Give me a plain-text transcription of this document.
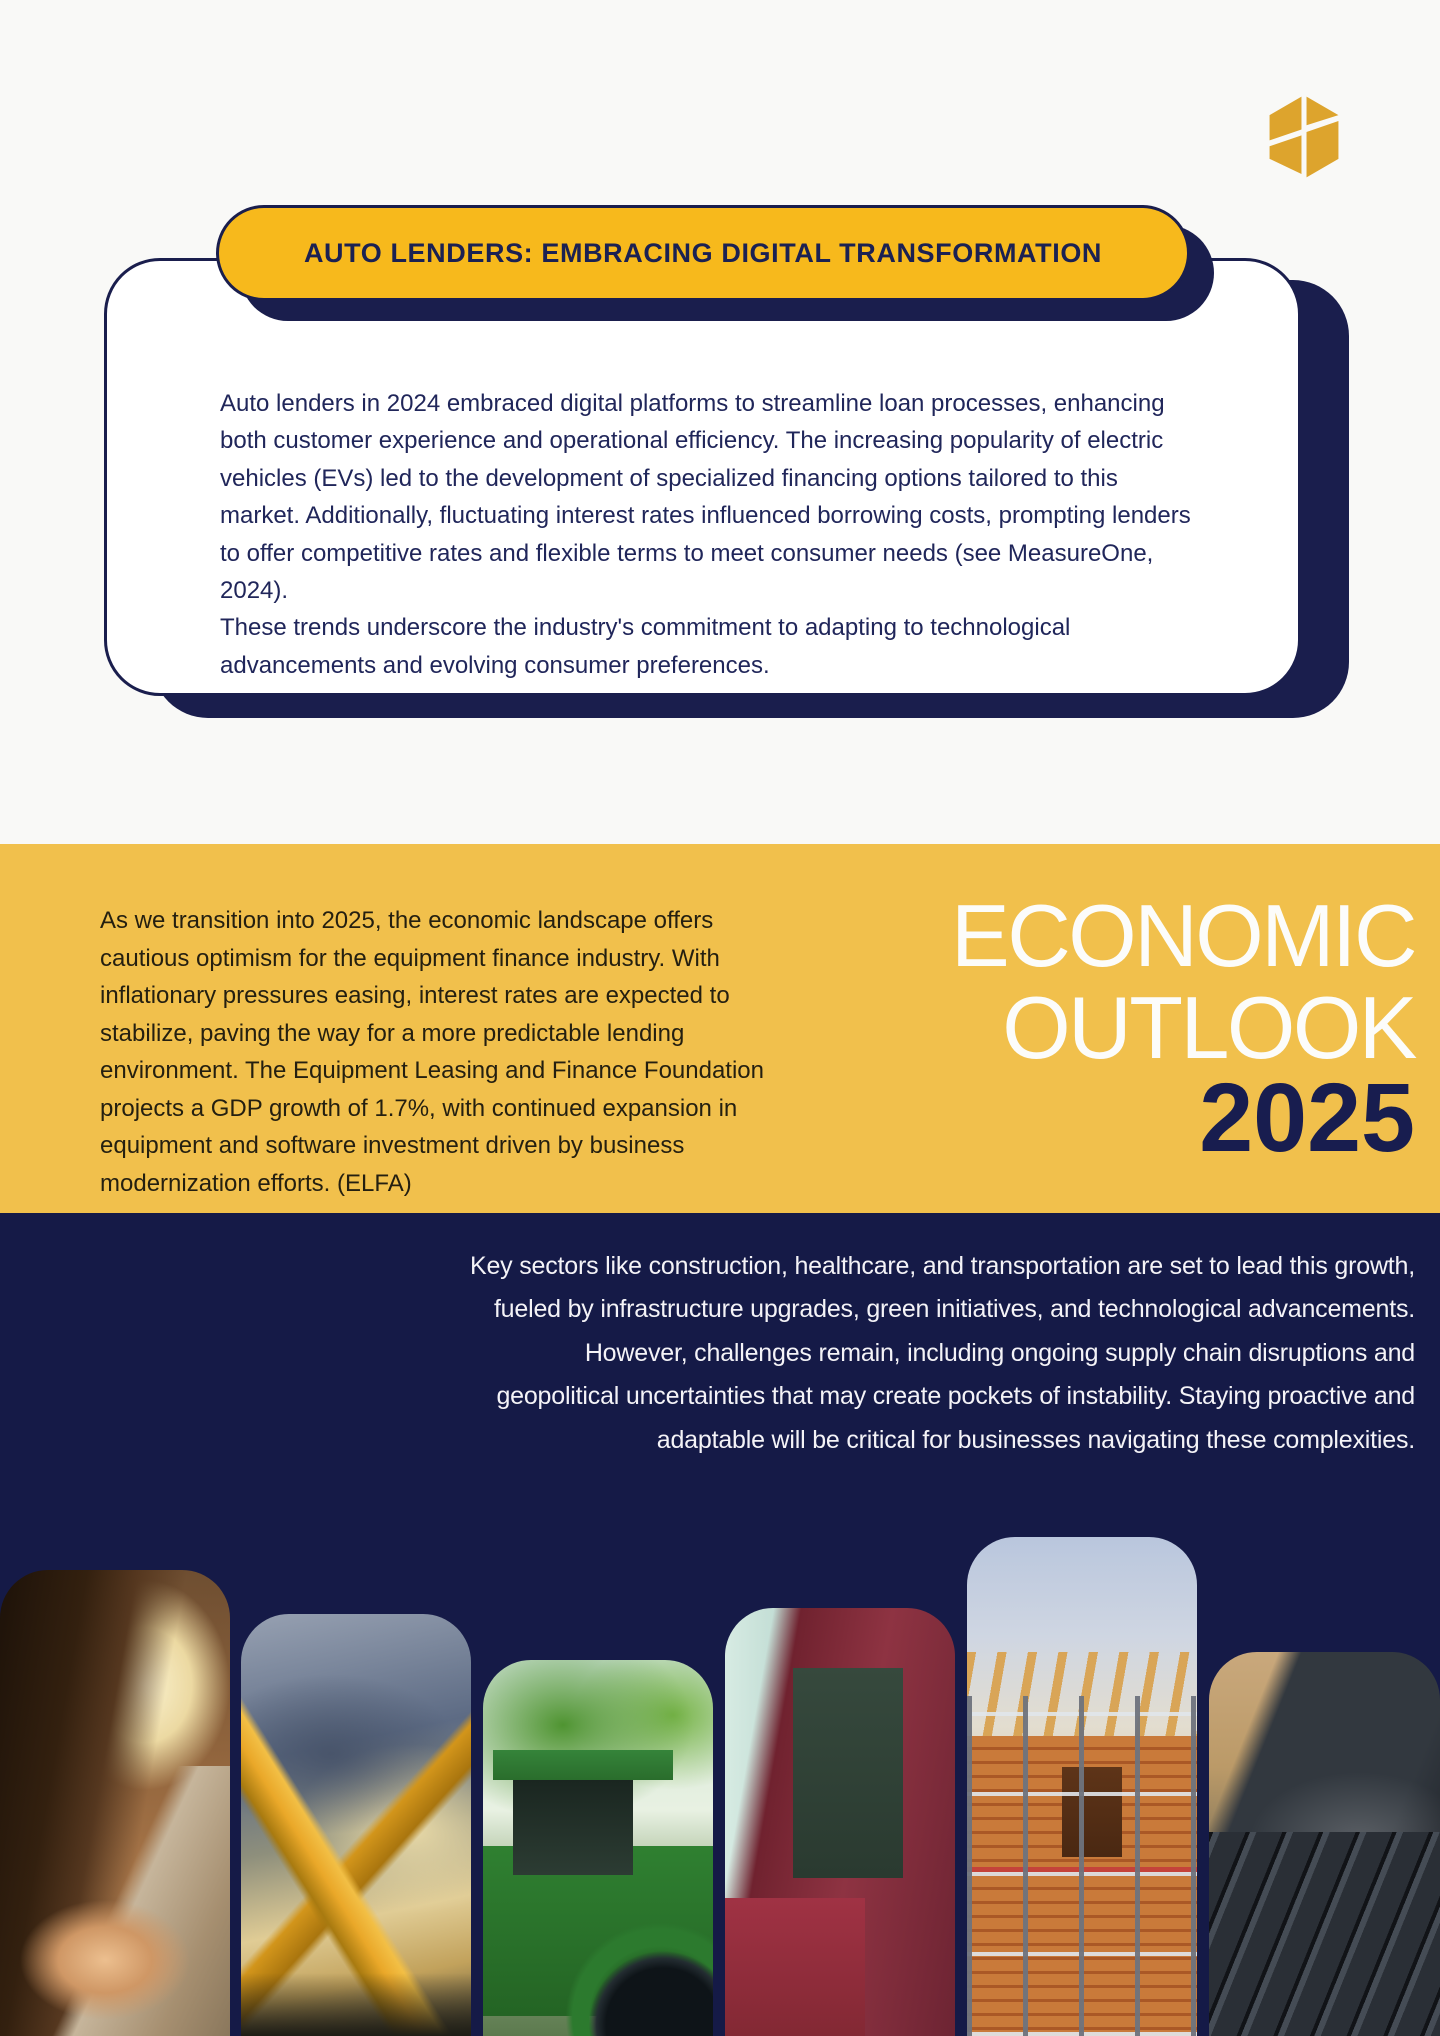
AUTO LENDERS: EMBRACING DIGITAL TRANSFORMATION

Auto lenders in 2024 embraced digital platforms to streamline loan processes, enhancing both customer experience and operational efficiency. The increasing popularity of electric vehicles (EVs) led to the development of specialized financing options tailored to this market. Additionally, fluctuating interest rates influenced borrowing costs, prompting lenders to offer competitive rates and flexible terms to meet consumer needs (see MeasureOne, 2024).

These trends underscore the industry's commitment to adapting to technological advancements and evolving consumer preferences.

As we transition into 2025, the economic landscape offers cautious optimism for the equipment finance industry. With inflationary pressures easing, interest rates are expected to stabilize, paving the way for a more predictable lending environment. The Equipment Leasing and Finance Foundation projects a GDP growth of 1.7%, with continued expansion in equipment and software investment driven by business modernization efforts. (ELFA)

ECONOMIC
OUTLOOK
2025

Key sectors like construction, healthcare, and transportation are set to lead this growth, fueled by infrastructure upgrades, green initiatives, and technological advancements. However, challenges remain, including ongoing supply chain disruptions and geopolitical uncertainties that may create pockets of instability. Staying proactive and adaptable will be critical for businesses navigating these complexities.
